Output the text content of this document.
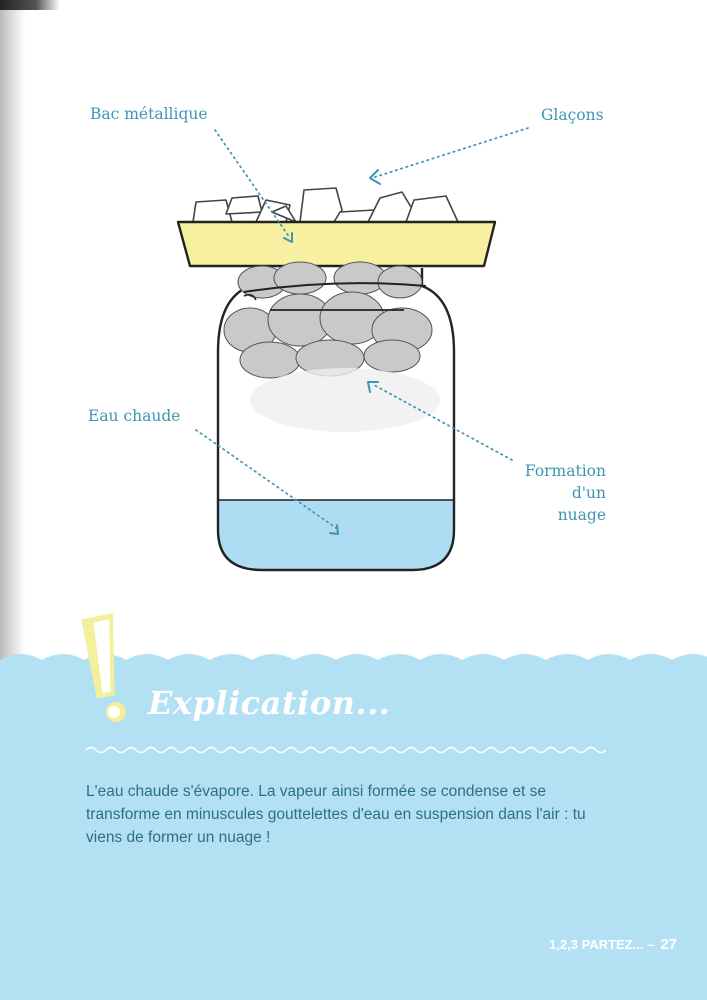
Bac métallique	Glaçons
Eau chaude
Formation
d'un nuage
Explication...
L'eau chaude s'évapore. La vapeur ainsi formée se condense et se transforme en minuscules gouttelettes d'eau en suspension dans l'air : tu viens de former un nuage !
1,2,3 PARTEZ... – 27
